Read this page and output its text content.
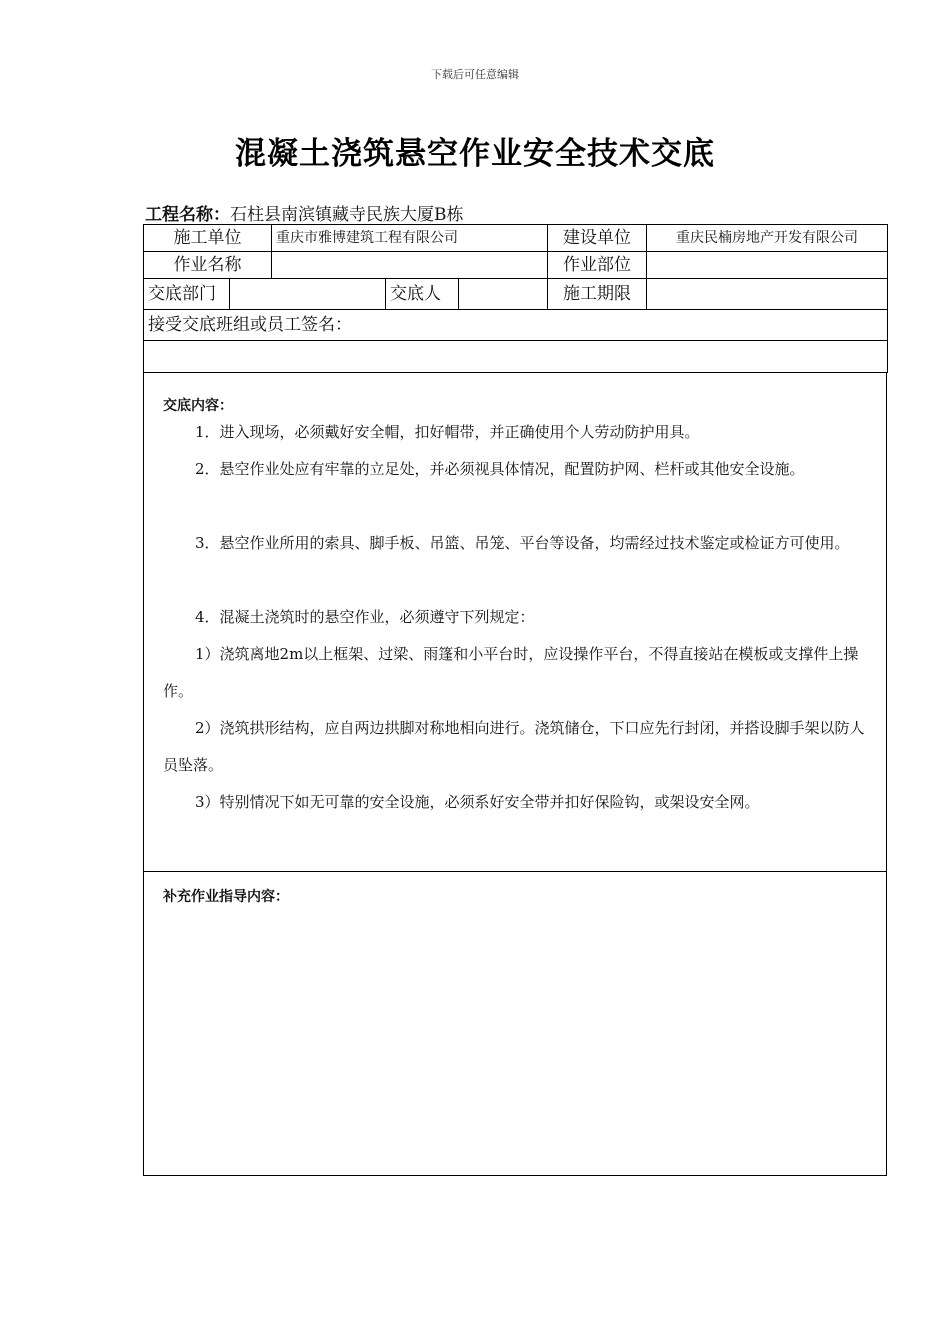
下载后可任意编辑
混凝土浇筑悬空作业安全技术交底
工程名称：石柱县南滨镇藏寺民族大厦B栋
施工单位		重庆市雅博建筑工程有限公司			建设单位	重庆民楠房地产开发有限公司
作业名称					作业部位	
交底部门			交底人		施工期限	
接受交底班组或员工签名：						

交底内容：

1．进入现场，必须戴好安全帽，扣好帽带，并正确使用个人劳动防护用具。

2．悬空作业处应有牢靠的立足处，并必须视具体情况，配置防护网、栏杆或其他安全设施。

3．悬空作业所用的索具、脚手板、吊篮、吊笼、平台等设备，均需经过技术鉴定或检证方可使用。

4．混凝土浇筑时的悬空作业，必须遵守下列规定：

1）浇筑离地2m以上框架、过梁、雨篷和小平台时，应设操作平台，不得直接站在模板或支撑件上操作。

2）浇筑拱形结构，应自两边拱脚对称地相向进行。浇筑储仓，下口应先行封闭，并搭设脚手架以防人员坠落。

3）特别情况下如无可靠的安全设施，必须系好安全带并扣好保险钩，或架设安全网。

补充作业指导内容：
